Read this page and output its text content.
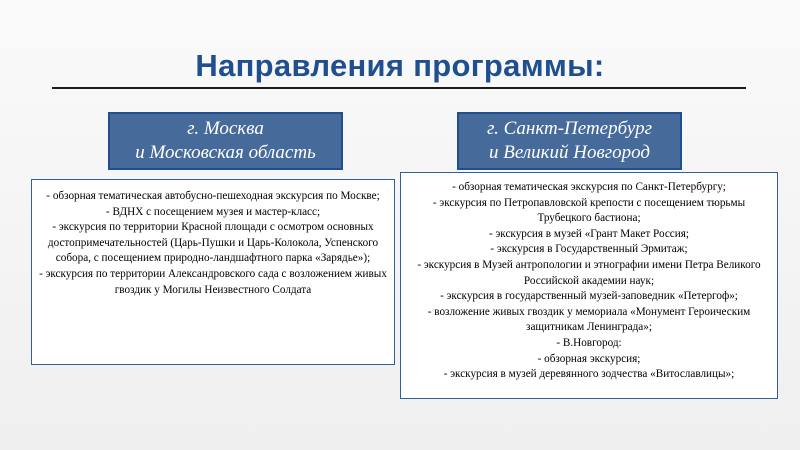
Направления программы:
г. Москва
и Московская область
г. Санкт-Петербург
и Великий Новгород
- обзорная тематическая автобусно-пешеходная экскурсия по Москве;
- ВДНХ с посещением музея и мастер-класс;
- экскурсия по территории Красной площади с осмотром основных достопримечательностей (Царь-Пушки и Царь-Колокола, Успенского собора, с посещением природно-ландшафтного парка «Зарядье»);
- экскурсия по территории Александровского сада с возложением живых гвоздик у Могилы Неизвестного Солдата
- обзорная тематическая экскурсия по Санкт-Петербургу;
- экскурсия по Петропавловской крепости с посещением тюрьмы Трубецкого бастиона;
- экскурсия в музей «Грант Макет Россия;
- экскурсия в Государственный Эрмитаж;
- экскурсия в Музей антропологии и этнографии имени Петра Великого Российской академии наук;
- экскурсия в государственный музей-заповедник «Петергоф»;
- возложение живых гвоздик у мемориала «Монумент Героическим защитникам Ленинграда»;
- В.Новгород:
- обзорная экскурсия;
- экскурсия в музей деревянного зодчества «Витославлицы»;
